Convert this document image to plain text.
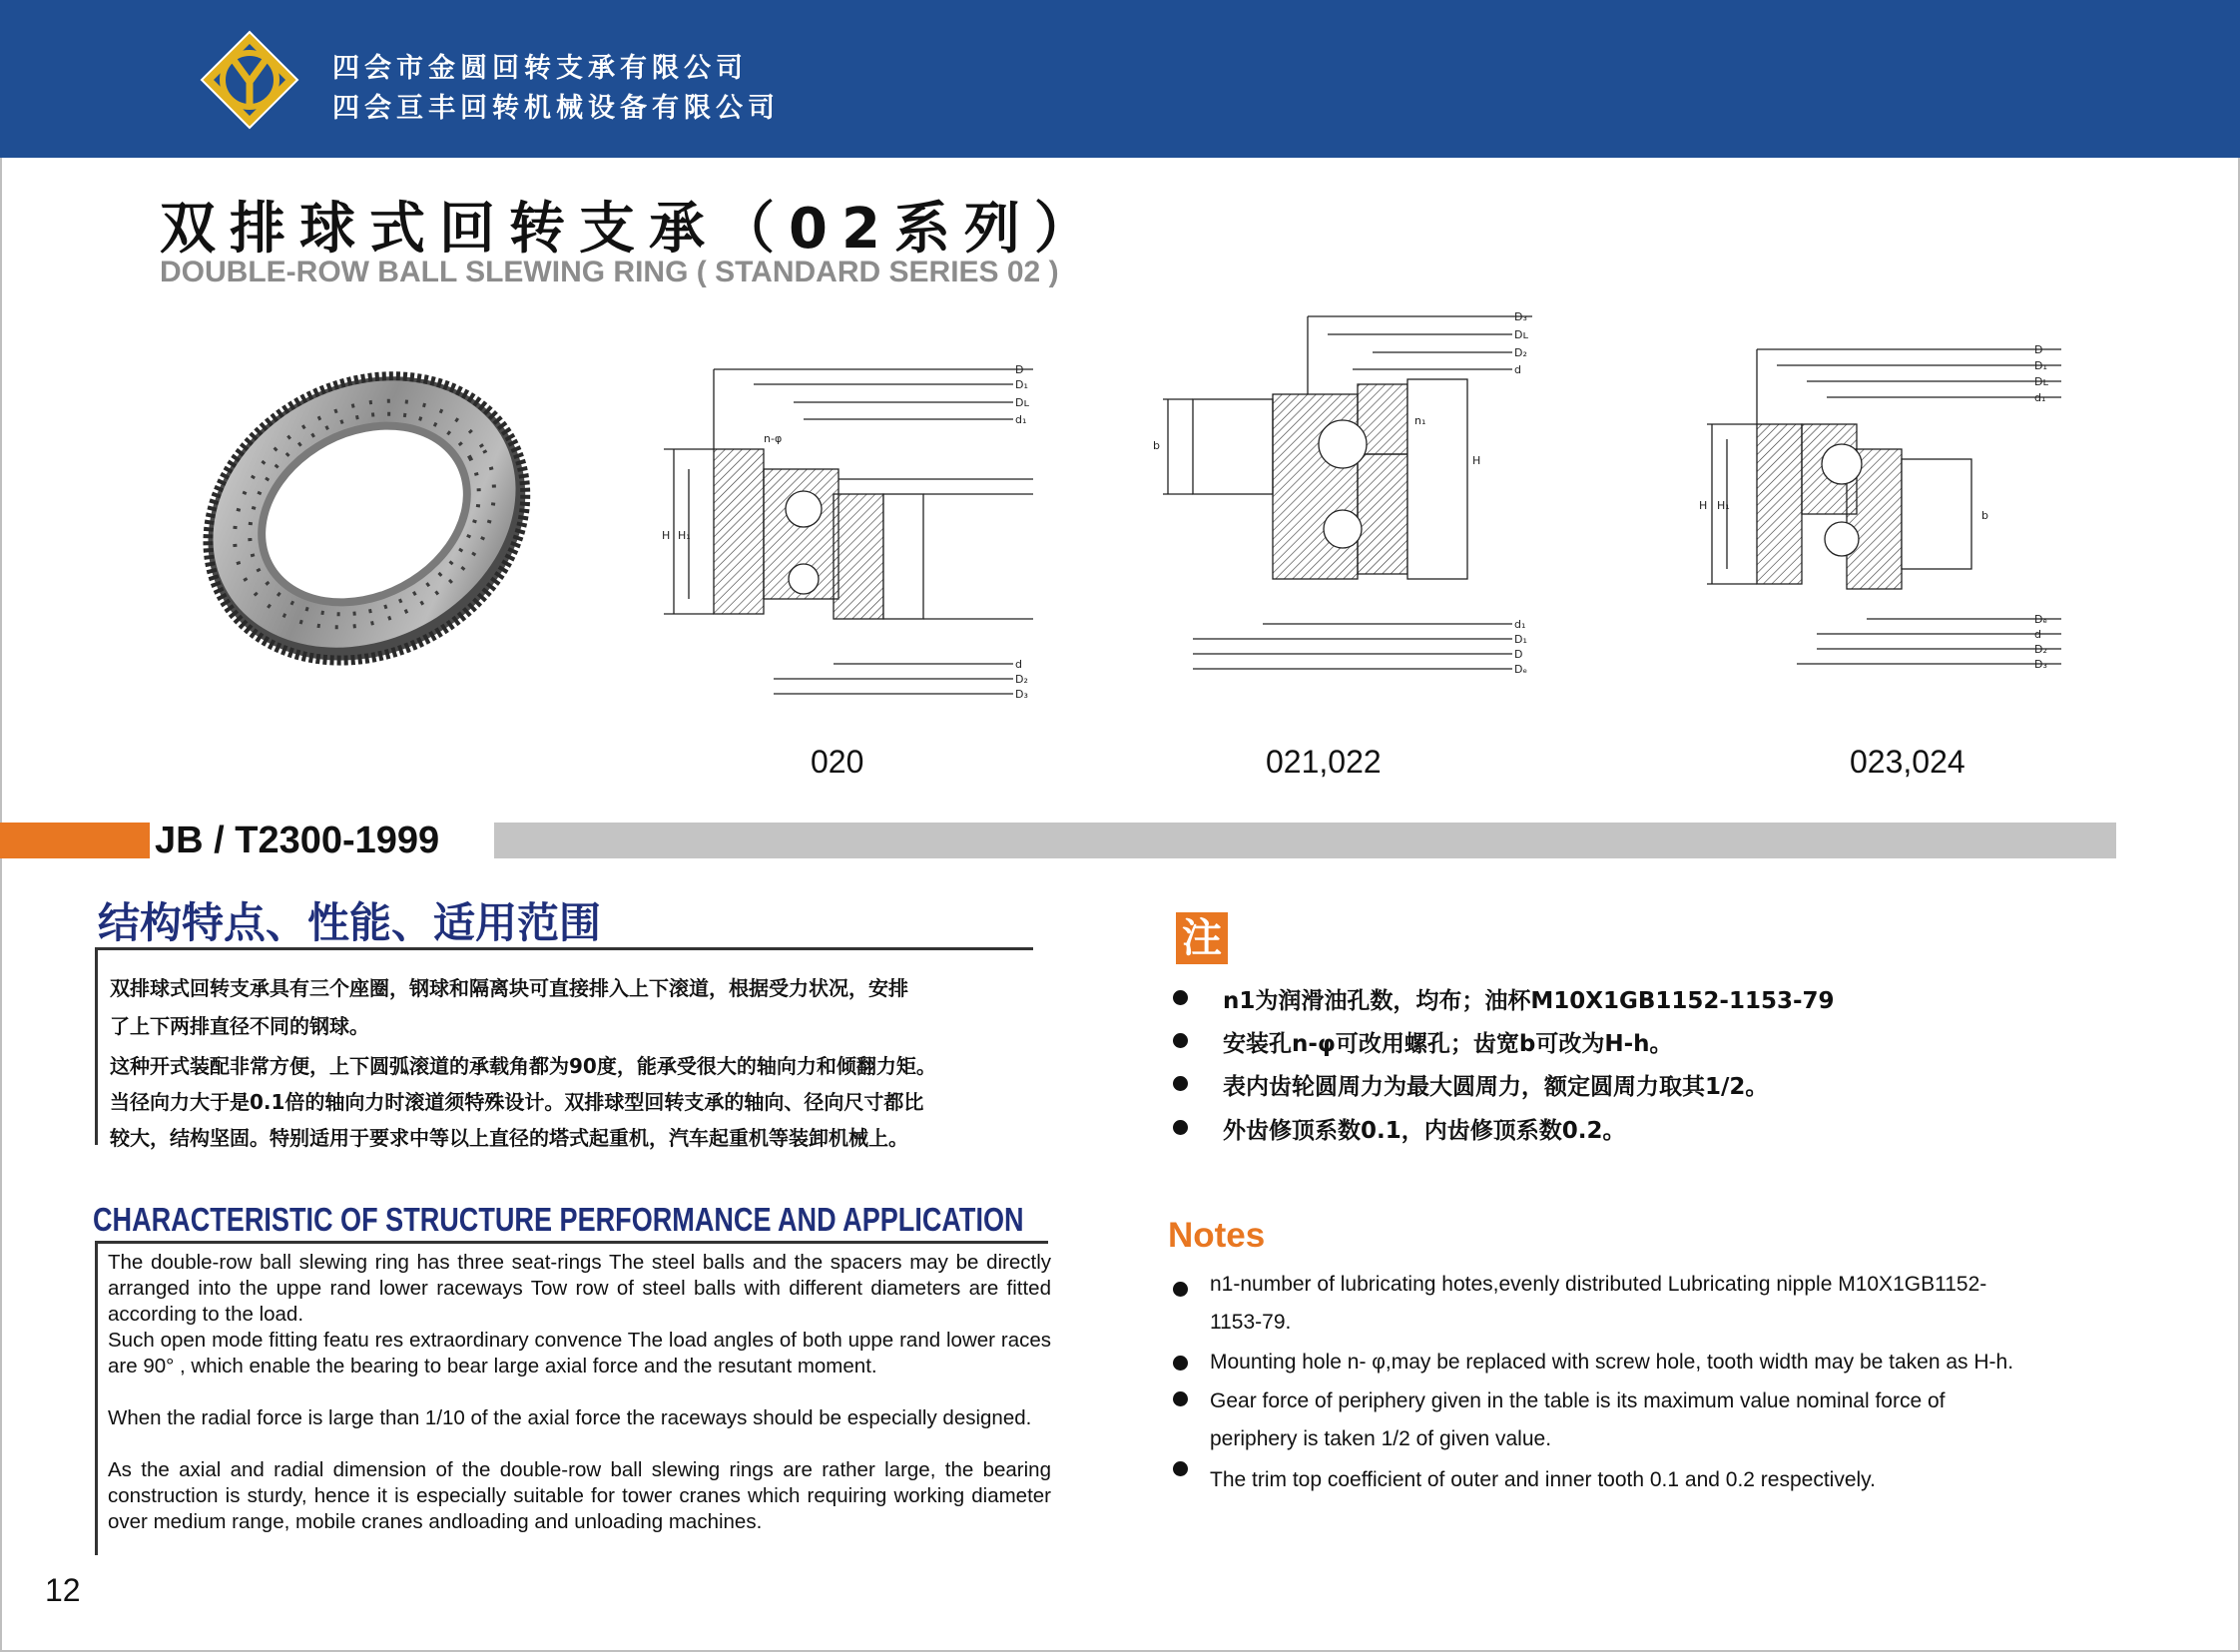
四会市金圆回转支承有限公司
四会亘丰回转机械设备有限公司
双排球式回转支承（02系列）
DOUBLE-ROW BALL SLEWING RING ( STANDARD SERIES 02 )
D
D₁
Dʟ
d₁
d
D₂
D₃
H H₁
n-φ
D₃
Dʟ
D₂
d
d₁
D₁
D
Dₑ
b
H
n₁
D
D₁
Dʟ
d₁
Dₑ
d
D₂
D₃
H H₁
b
020	021,022	023,024
JB / T2300-1999
结构特点、性能、适用范围
双排球式回转支承具有三个座圈，钢球和隔离块可直接排入上下滚道，根据受力状况，安排
了上下两排直径不同的钢球。
这种开式装配非常方便，上下圆弧滚道的承载角都为90度，能承受很大的轴向力和倾翻力矩。
当径向力大于是0.1倍的轴向力时滚道须特殊设计。双排球型回转支承的轴向、径向尺寸都比
较大，结构坚固。特别适用于要求中等以上直径的塔式起重机，汽车起重机等装卸机械上。
CHARACTERISTIC OF STRUCTURE PERFORMANCE AND APPLICATION
The double-row ball slewing ring has three seat-rings The steel balls and the spacers may be directly arranged into the uppe rand lower raceways Tow row of steel balls with different diameters are fitted according to the load.
Such open mode fitting featu res extraordinary convence The load angles of both uppe rand lower races are 90° , which enable the bearing to bear large axial force and the resutant moment.
When the radial force is large than 1/10 of the axial force the raceways should be especially designed.
As the axial and radial dimension of the double-row ball slewing rings are rather large, the bearing construction is sturdy, hence it is especially suitable for tower cranes which requiring working diameter over medium range, mobile cranes andloading and unloading machines.
12
注
n1为润滑油孔数，均布；油杯M10X1GB1152-1153-79
安装孔n-φ可改用螺孔；齿宽b可改为H-h。
表内齿轮圆周力为最大圆周力，额定圆周力取其1/2。
外齿修顶系数0.1，内齿修顶系数0.2。
Notes
n1-number of lubricating hotes,evenly distributed Lubricating nipple M10X1GB1152-
1153-79.
Mounting hole n- φ,may be replaced with screw hole, tooth width may be taken as H-h.
Gear force of periphery given in the table is its maximum value nominal force of
periphery is taken 1/2 of given value.
The trim top coefficient of outer and inner tooth 0.1 and 0.2 respectively.
